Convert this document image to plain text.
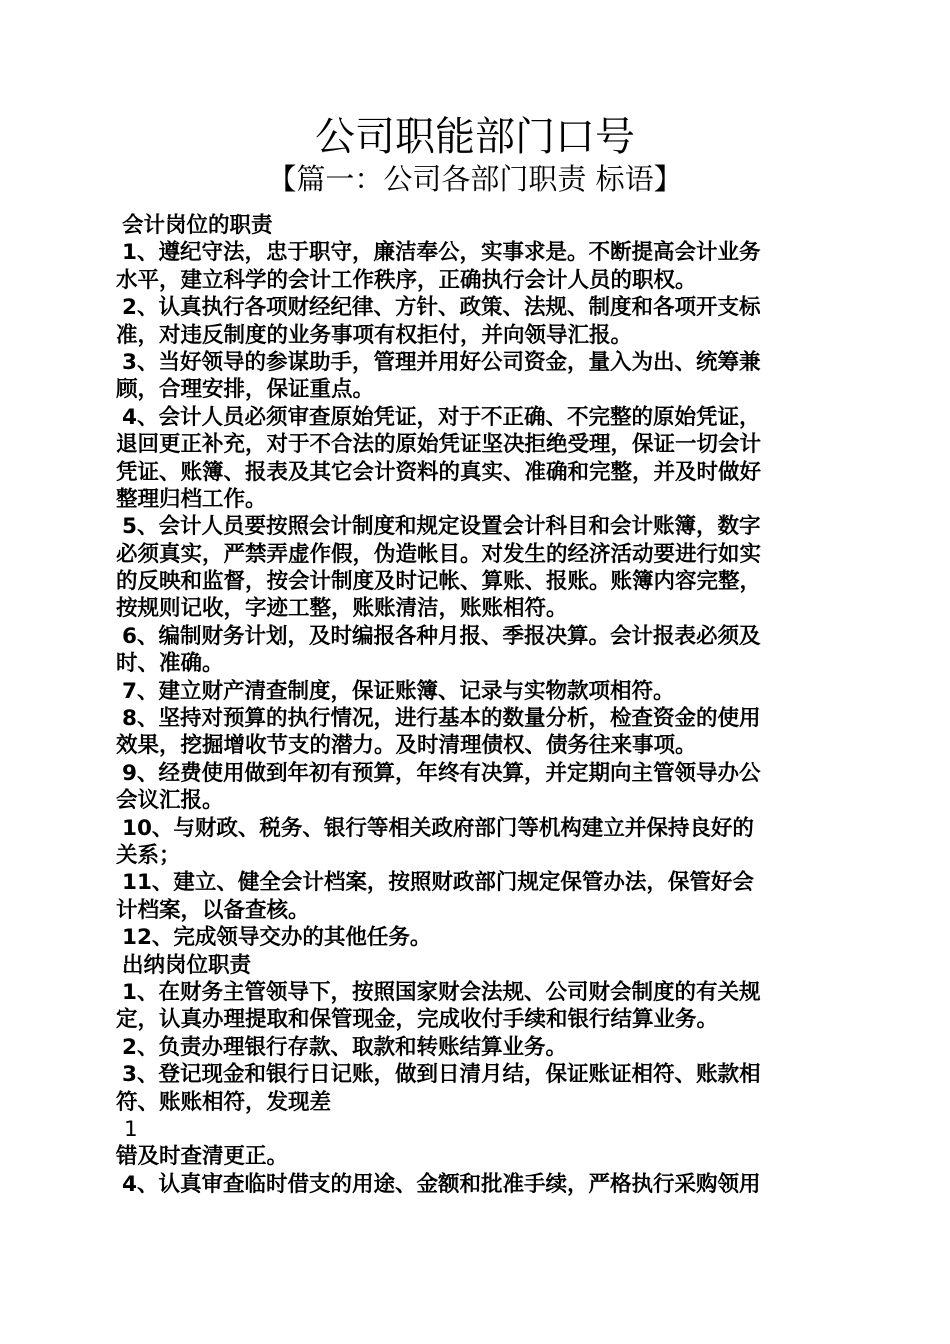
公司职能部门口号
【篇一：公司各部门职责 标语】
会计岗位的职责
1、遵纪守法，忠于职守，廉洁奉公，实事求是。不断提高会计业务
水平，建立科学的会计工作秩序，正确执行会计人员的职权。
2、认真执行各项财经纪律、方针、政策、法规、制度和各项开支标
准，对违反制度的业务事项有权拒付，并向领导汇报。
3、当好领导的参谋助手，管理并用好公司资金，量入为出、统筹兼
顾，合理安排，保证重点。
4、会计人员必须审查原始凭证，对于不正确、不完整的原始凭证，
退回更正补充，对于不合法的原始凭证坚决拒绝受理，保证一切会计
凭证、账簿、报表及其它会计资料的真实、准确和完整，并及时做好
整理归档工作。
5、会计人员要按照会计制度和规定设置会计科目和会计账簿，数字
必须真实，严禁弄虚作假，伪造帐目。对发生的经济活动要进行如实
的反映和监督，按会计制度及时记帐、算账、报账。账簿内容完整，
按规则记收，字迹工整，账账清洁，账账相符。
6、编制财务计划，及时编报各种月报、季报决算。会计报表必须及
时、准确。
7、建立财产清查制度，保证账簿、记录与实物款项相符。
8、坚持对预算的执行情况，进行基本的数量分析，检查资金的使用
效果，挖掘增收节支的潜力。及时清理债权、债务往来事项。
9、经费使用做到年初有预算，年终有决算，并定期向主管领导办公
会议汇报。
10、与财政、税务、银行等相关政府部门等机构建立并保持良好的
关系；
11、建立、健全会计档案，按照财政部门规定保管办法，保管好会
计档案，以备查核。
12、完成领导交办的其他任务。
出纳岗位职责
1、在财务主管领导下，按照国家财会法规、公司财会制度的有关规
定，认真办理提取和保管现金，完成收付手续和银行结算业务。
2、负责办理银行存款、取款和转账结算业务。
3、登记现金和银行日记账，做到日清月结，保证账证相符、账款相
符、账账相符，发现差
1
错及时查清更正。
4、认真审查临时借支的用途、金额和批准手续，严格执行采购领用
